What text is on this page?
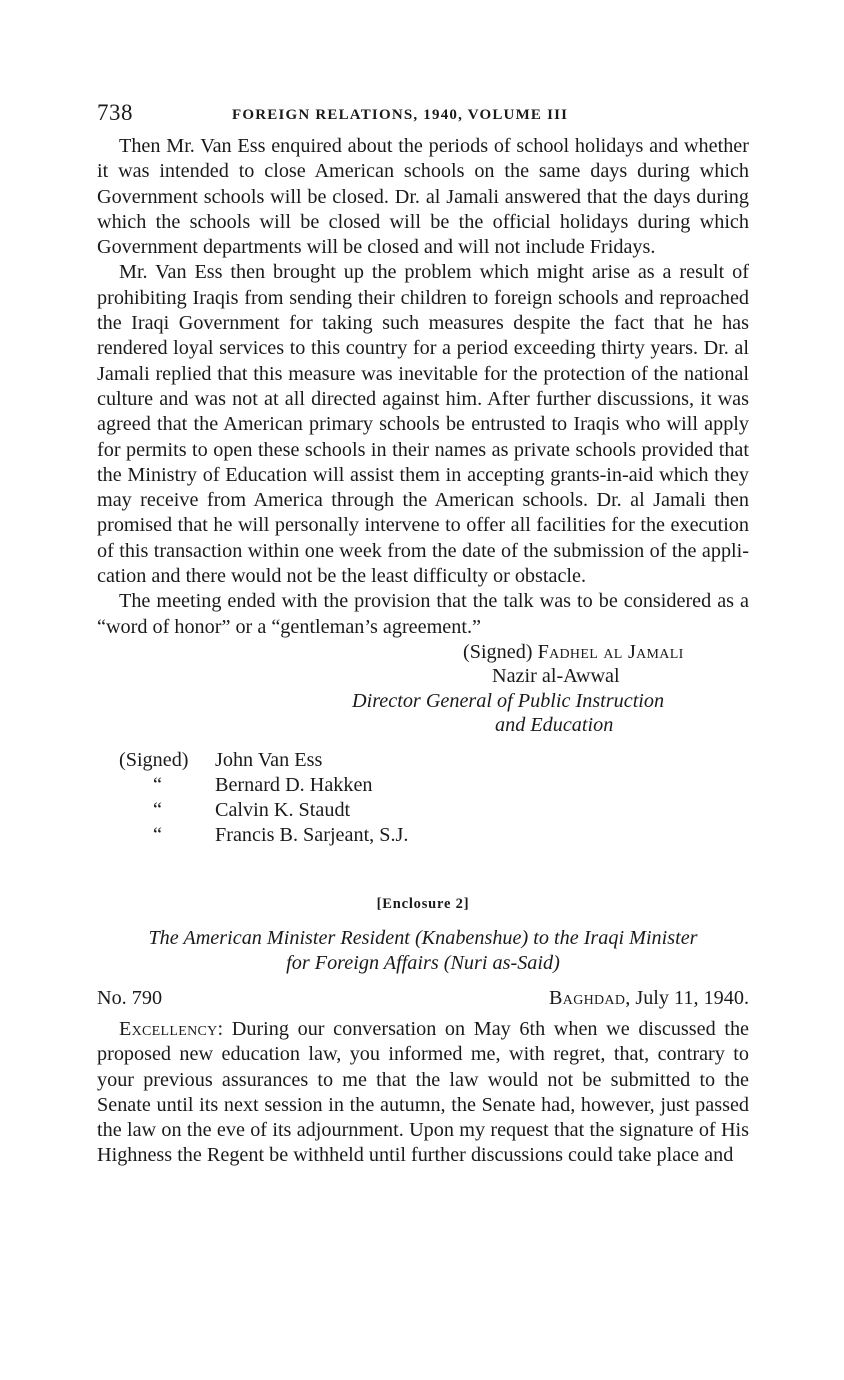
738	FOREIGN RELATIONS, 1940, VOLUME III

Then Mr. Van Ess enquired about the periods of school holidays and whether it was intended to close American schools on the same days during which Government schools will be closed. Dr. al Jamali answered that the days during which the schools will be closed will be the official holidays during which Government departments will be closed and will not include Fridays.

Mr. Van Ess then brought up the problem which might arise as a result of prohibiting Iraqis from sending their children to foreign schools and reproached the Iraqi Government for taking such measures despite the fact that he has rendered loyal services to this country for a period exceeding thirty years. Dr. al Jamali replied that this measure was inevitable for the protection of the national culture and was not at all directed against him. After further discussions, it was agreed that the American primary schools be entrusted to Iraqis who will apply for permits to open these schools in their names as private schools provided that the Ministry of Education will assist them in accepting grants-in-aid which they may receive from America through the American schools. Dr. al Jamali then promised that he will personally intervene to offer all facilities for the execution of this transaction within one week from the date of the submission of the application and there would not be the least difficulty or obstacle.

The meeting ended with the provision that the talk was to be considered as a “word of honor” or a “gentleman’s agreement.”

(Signed) Fadhel al Jamali
Nazir al-Awwal
Director General of Public Instruction
and Education
(Signed) John Van Ess
“	Bernard D. Hakken
“	Calvin K. Staudt
“	Francis B. Sarjeant, S.J.
[Enclosure 2]
The American Minister Resident (Knabenshue) to the Iraqi Minister
for Foreign Affairs (Nuri as-Said)
No. 790	Baghdad, July 11, 1940.

Excellency: During our conversation on May 6th when we discussed the proposed new education law, you informed me, with regret, that, contrary to your previous assurances to me that the law would not be submitted to the Senate until its next session in the autumn, the Senate had, however, just passed the law on the eve of its adjournment. Upon my request that the signature of His Highness the Regent be withheld until further discussions could take place and
